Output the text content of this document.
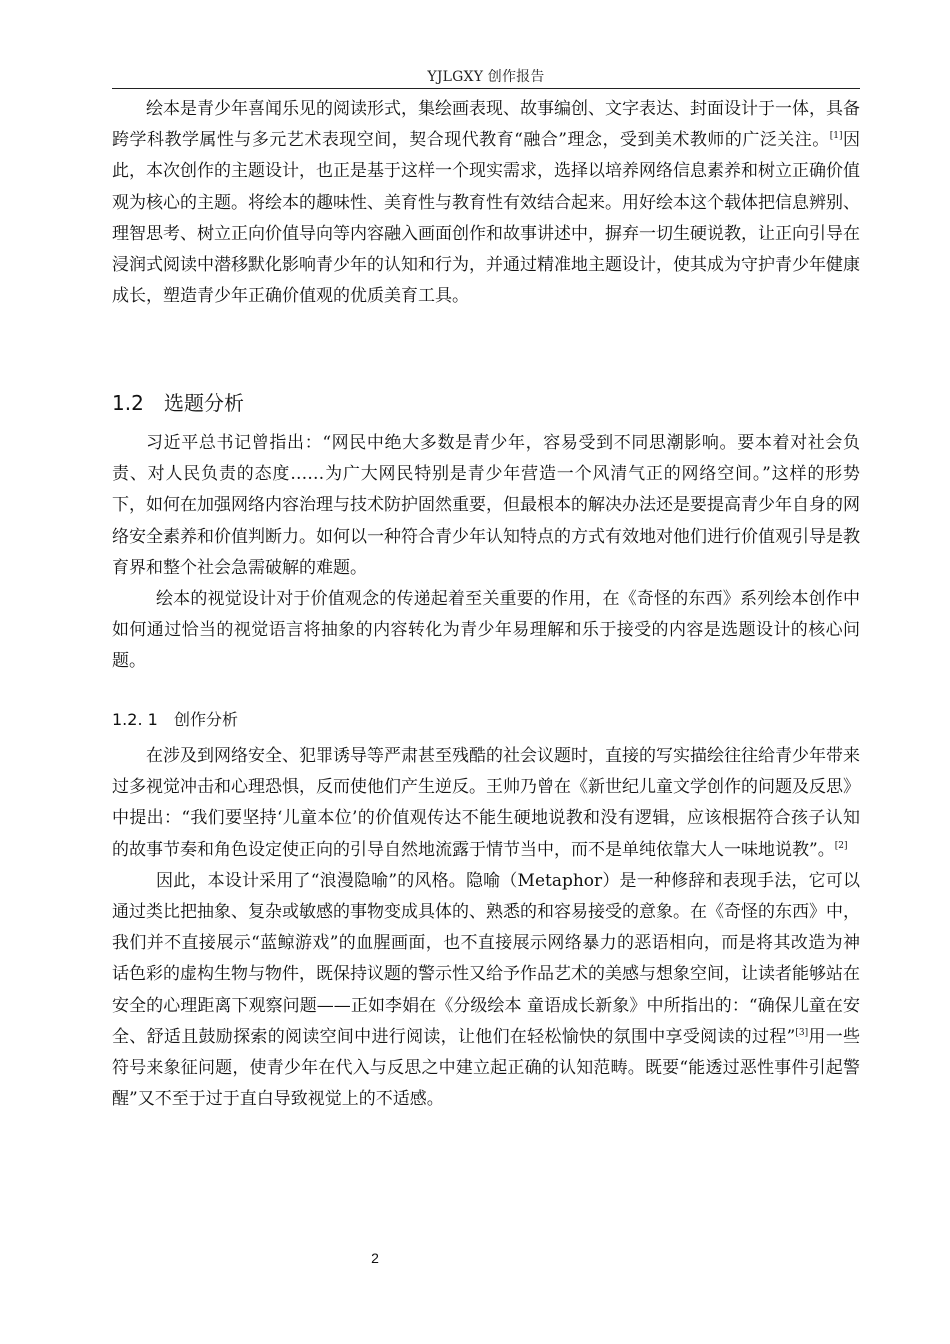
YJLGXY 创作报告

绘本是青少年喜闻乐见的阅读形式，集绘画表现、故事编创、文字表达、封面设计于一体，具备跨学科教学属性与多元艺术表现空间，契合现代教育“融合”理念，受到美术教师的广泛关注。[1]因此，本次创作的主题设计，也正是基于这样一个现实需求，选择以培养网络信息素养和树立正确价值观为核心的主题。将绘本的趣味性、美育性与教育性有效结合起来。用好绘本这个载体把信息辨别、理智思考、树立正向价值导向等内容融入画面创作和故事讲述中，摒弃一切生硬说教，让正向引导在浸润式阅读中潜移默化影响青少年的认知和行为，并通过精准地主题设计，使其成为守护青少年健康成长，塑造青少年正确价值观的优质美育工具。

1.2 选题分析

习近平总书记曾指出：“网民中绝大多数是青少年，容易受到不同思潮影响。要本着对社会负责、对人民负责的态度……为广大网民特别是青少年营造一个风清气正的网络空间。”这样的形势下，如何在加强网络内容治理与技术防护固然重要，但最根本的解决办法还是要提高青少年自身的网络安全素养和价值判断力。如何以一种符合青少年认知特点的方式有效地对他们进行价值观引导是教育界和整个社会急需破解的难题。

绘本的视觉设计对于价值观念的传递起着至关重要的作用，在《奇怪的东西》系列绘本创作中如何通过恰当的视觉语言将抽象的内容转化为青少年易理解和乐于接受的内容是选题设计的核心问题。

1.2. 1 创作分析

在涉及到网络安全、犯罪诱导等严肃甚至残酷的社会议题时，直接的写实描绘往往给青少年带来过多视觉冲击和心理恐惧，反而使他们产生逆反。王帅乃曾在《新世纪儿童文学创作的问题及反思》中提出：“我们要坚持‘儿童本位’的价值观传达不能生硬地说教和没有逻辑，应该根据符合孩子认知的故事节奏和角色设定使正向的引导自然地流露于情节当中，而不是单纯依靠大人一味地说教”。[2]

因此，本设计采用了“浪漫隐喻”的风格。隐喻（Metaphor）是一种修辞和表现手法，它可以通过类比把抽象、复杂或敏感的事物变成具体的、熟悉的和容易接受的意象。在《奇怪的东西》中，我们并不直接展示“蓝鲸游戏”的血腥画面，也不直接展示网络暴力的恶语相向，而是将其改造为神话色彩的虚构生物与物件，既保持议题的警示性又给予作品艺术的美感与想象空间，让读者能够站在安全的心理距离下观察问题——正如李娟在《分级绘本 童语成长新象》中所指出的：“确保儿童在安全、舒适且鼓励探索的阅读空间中进行阅读，让他们在轻松愉快的氛围中享受阅读的过程”[3]用一些符号来象征问题，使青少年在代入与反思之中建立起正确的认知范畴。既要“能透过恶性事件引起警醒”又不至于过于直白导致视觉上的不适感。

2
